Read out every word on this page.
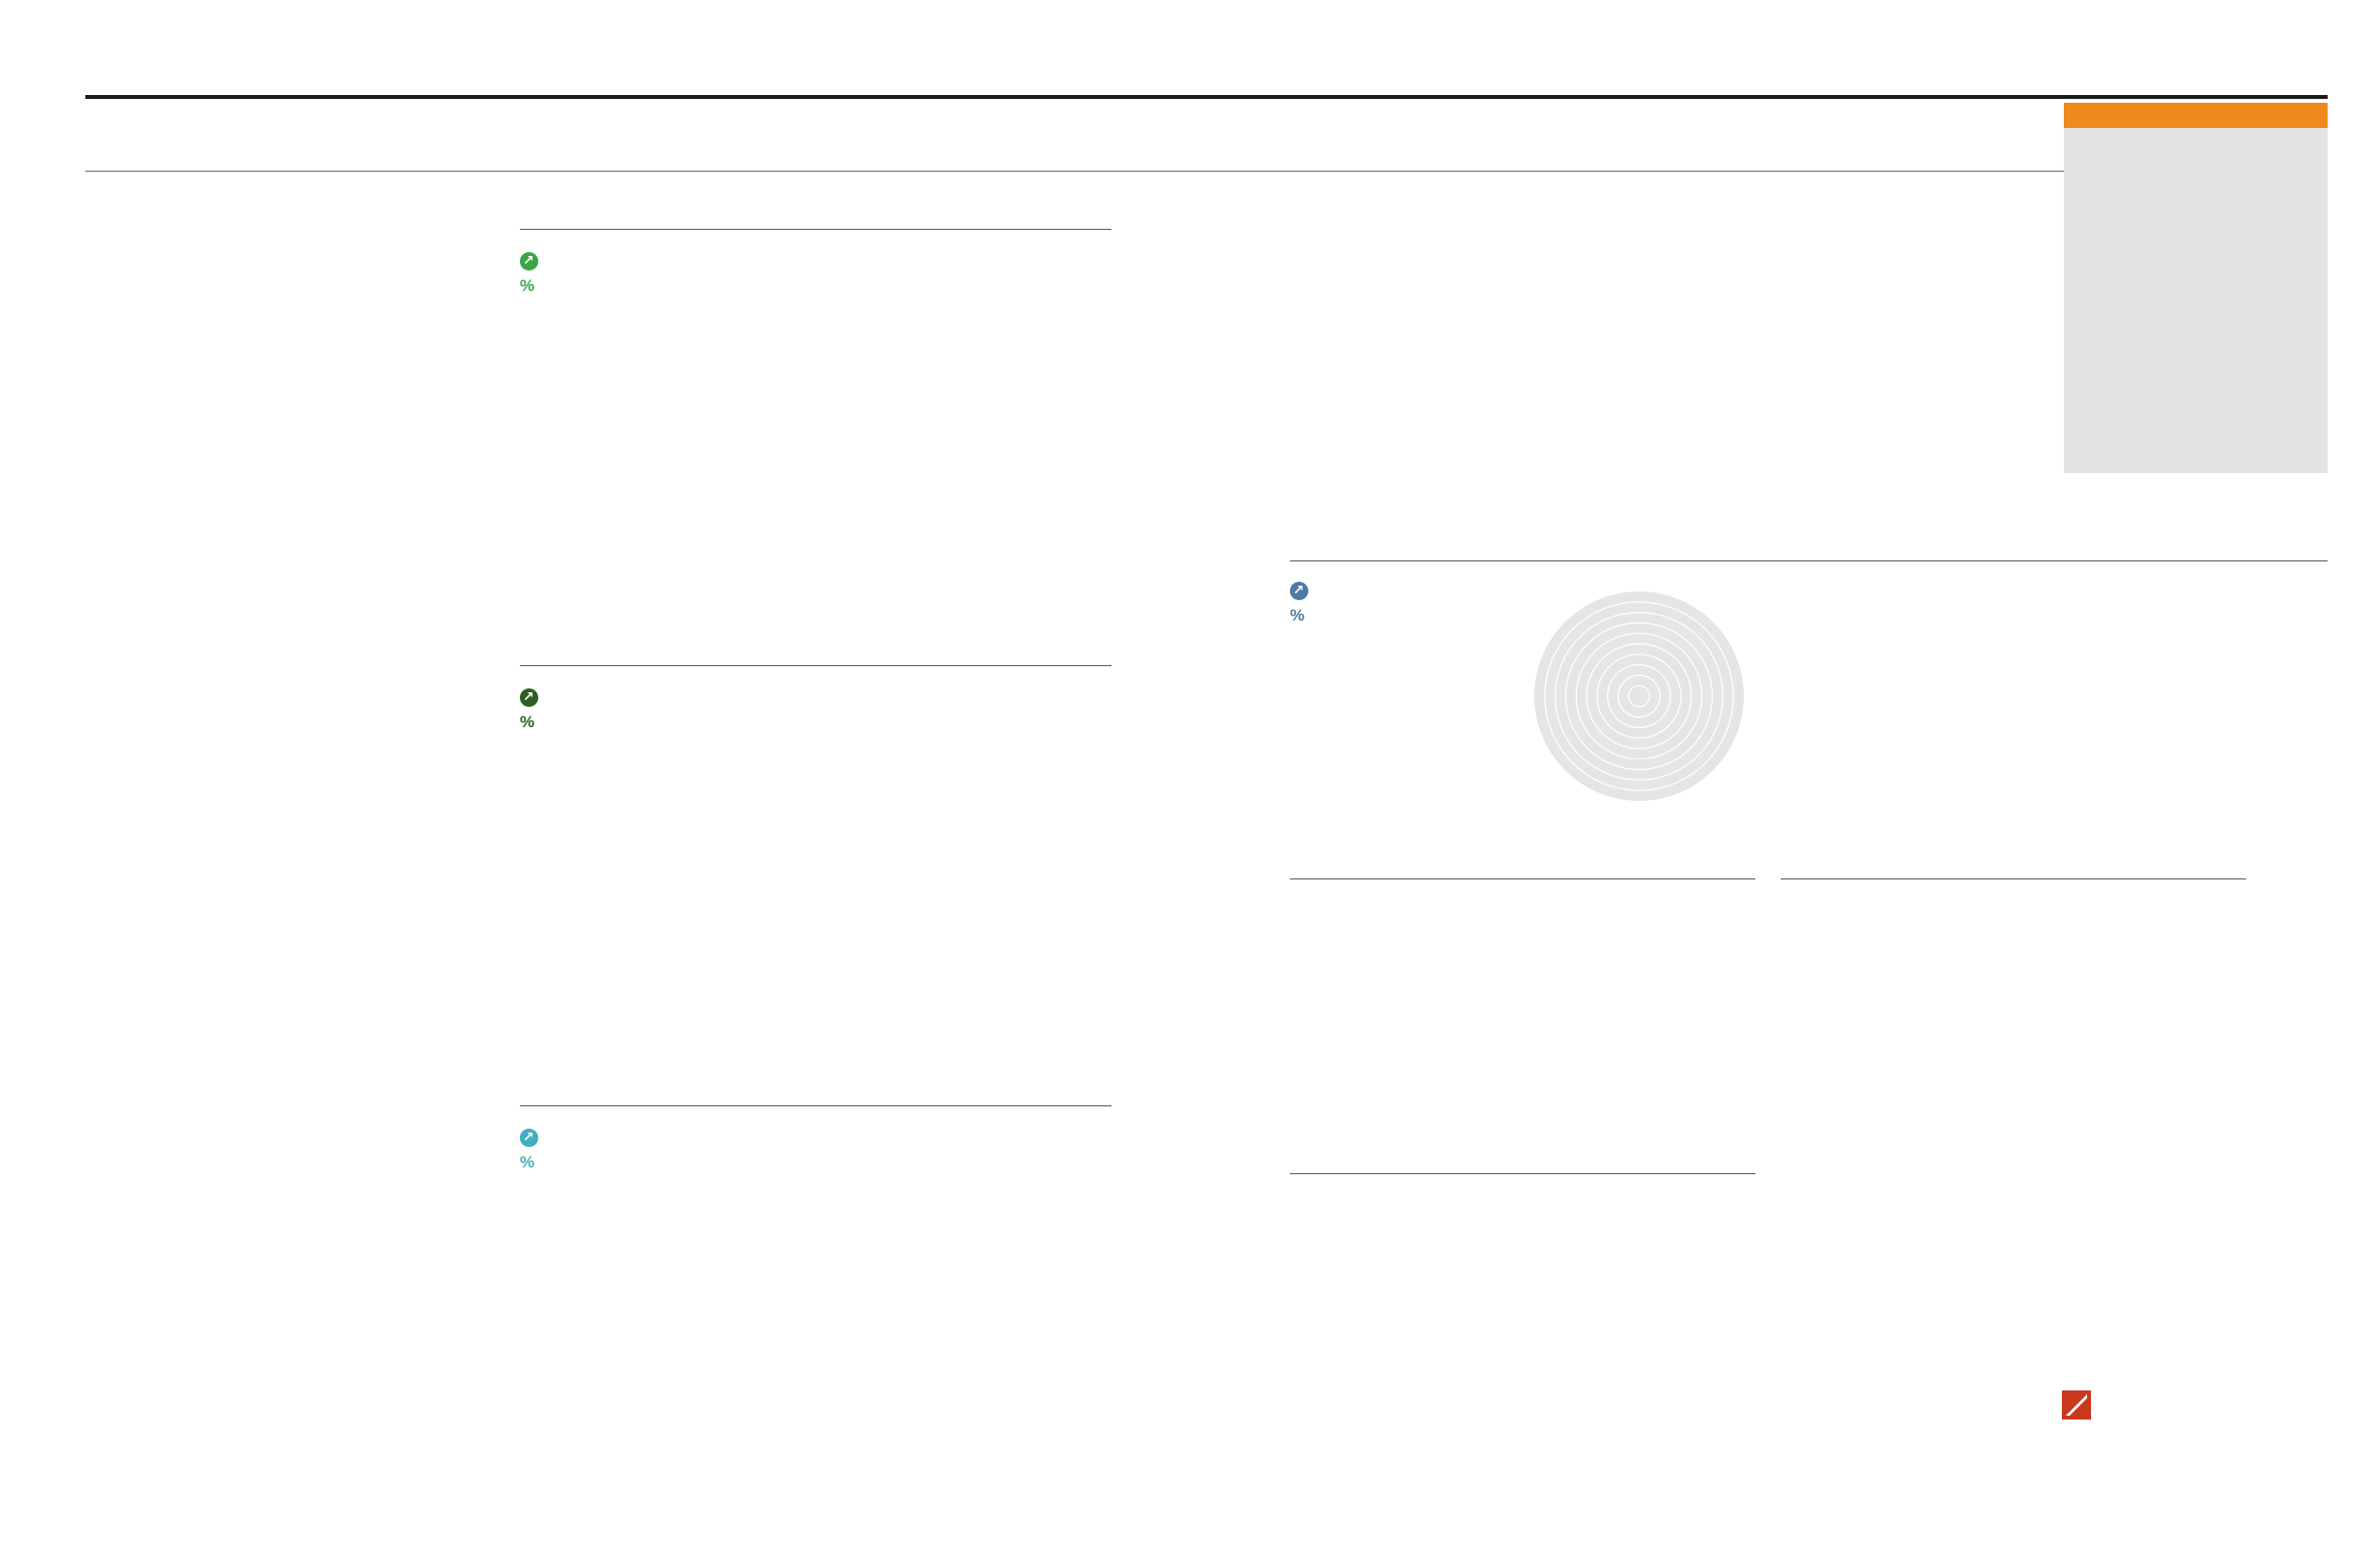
↗
%
↗
%
↗
%
↗
%
